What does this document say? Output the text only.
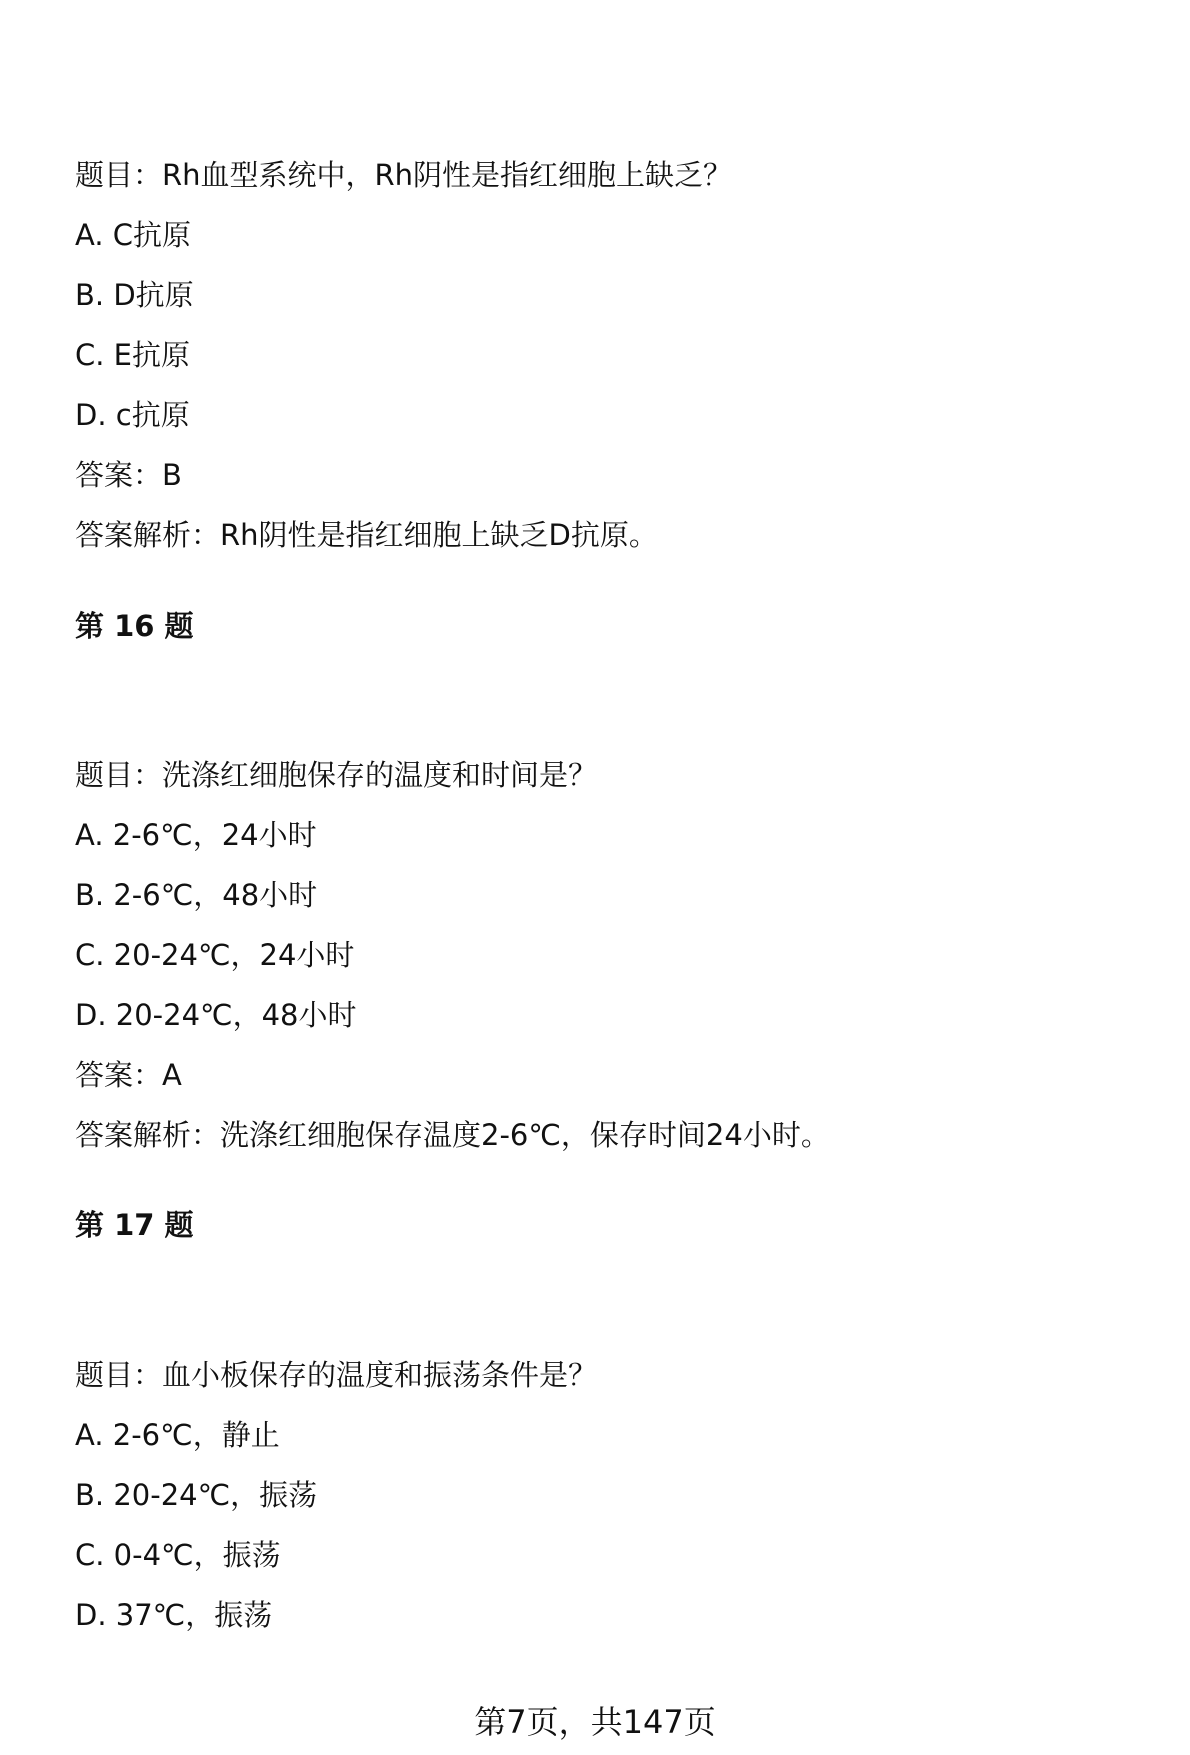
题目：Rh血型系统中，Rh阴性是指红细胞上缺乏？
A. C抗原
B. D抗原
C. E抗原
D. c抗原
答案：B
答案解析：Rh阴性是指红细胞上缺乏D抗原。
第 16 题
题目：洗涤红细胞保存的温度和时间是？
A. 2-6℃，24小时
B. 2-6℃，48小时
C. 20-24℃，24小时
D. 20-24℃，48小时
答案：A
答案解析：洗涤红细胞保存温度2-6℃，保存时间24小时。
第 17 题
题目：血小板保存的温度和振荡条件是？
A. 2-6℃，静止
B. 20-24℃，振荡
C. 0-4℃，振荡
D. 37℃，振荡
第7页，共147页
